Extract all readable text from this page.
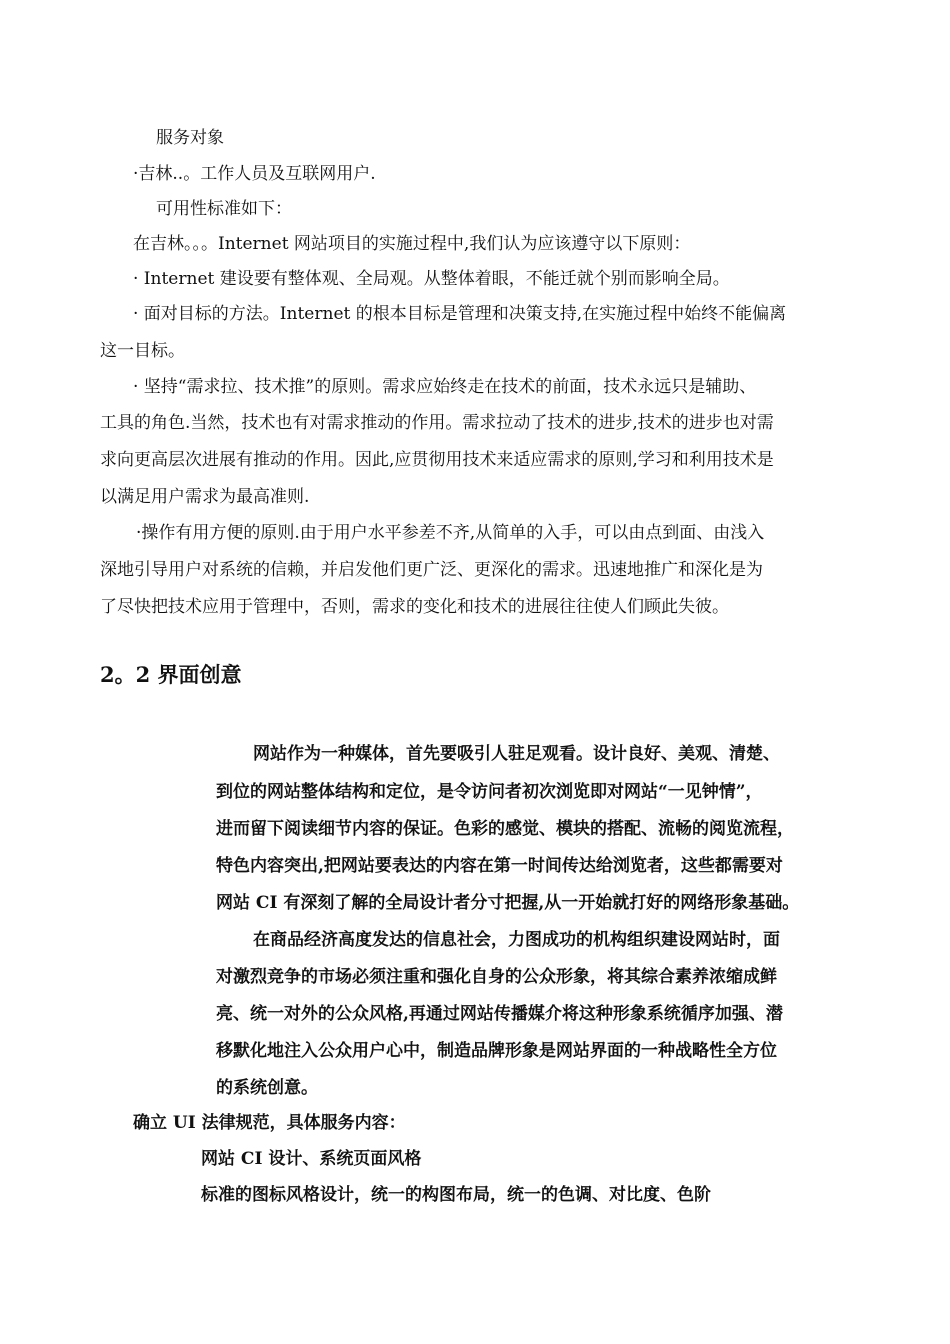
服务对象
·吉林..。工作人员及互联网用户.
可用性标准如下：
在吉林。。。Internet 网站项目的实施过程中,我们认为应该遵守以下原则：
· Internet 建设要有整体观、全局观。从整体着眼，不能迁就个别而影响全局。
· 面对目标的方法。Internet 的根本目标是管理和决策支持,在实施过程中始终不能偏离
这一目标。
· 坚持“需求拉、技术推”的原则。需求应始终走在技术的前面，技术永远只是辅助、
工具的角色.当然，技术也有对需求推动的作用。需求拉动了技术的进步,技术的进步也对需
求向更高层次进展有推动的作用。因此,应贯彻用技术来适应需求的原则,学习和利用技术是
以满足用户需求为最高准则.
·操作有用方便的原则.由于用户水平参差不齐,从简单的入手，可以由点到面、由浅入
深地引导用户对系统的信赖，并启发他们更广泛、更深化的需求。迅速地推广和深化是为
了尽快把技术应用于管理中，否则，需求的变化和技术的进展往往使人们顾此失彼。
2。2 界面创意
网站作为一种媒体，首先要吸引人驻足观看。设计良好、美观、清楚、
到位的网站整体结构和定位，是令访问者初次浏览即对网站“一见钟情”，
进而留下阅读细节内容的保证。色彩的感觉、模块的搭配、流畅的阅览流程，
特色内容突出,把网站要表达的内容在第一时间传达给浏览者，这些都需要对
网站 CI 有深刻了解的全局设计者分寸把握,从一开始就打好的网络形象基础。
在商品经济高度发达的信息社会，力图成功的机构组织建设网站时，面
对激烈竞争的市场必须注重和强化自身的公众形象，将其综合素养浓缩成鲜
亮、统一对外的公众风格,再通过网站传播媒介将这种形象系统循序加强、潜
移默化地注入公众用户心中，制造品牌形象是网站界面的一种战略性全方位
的系统创意。
确立 UI 法律规范，具体服务内容：
网站 CI 设计、系统页面风格
标准的图标风格设计，统一的构图布局，统一的色调、对比度、色阶
